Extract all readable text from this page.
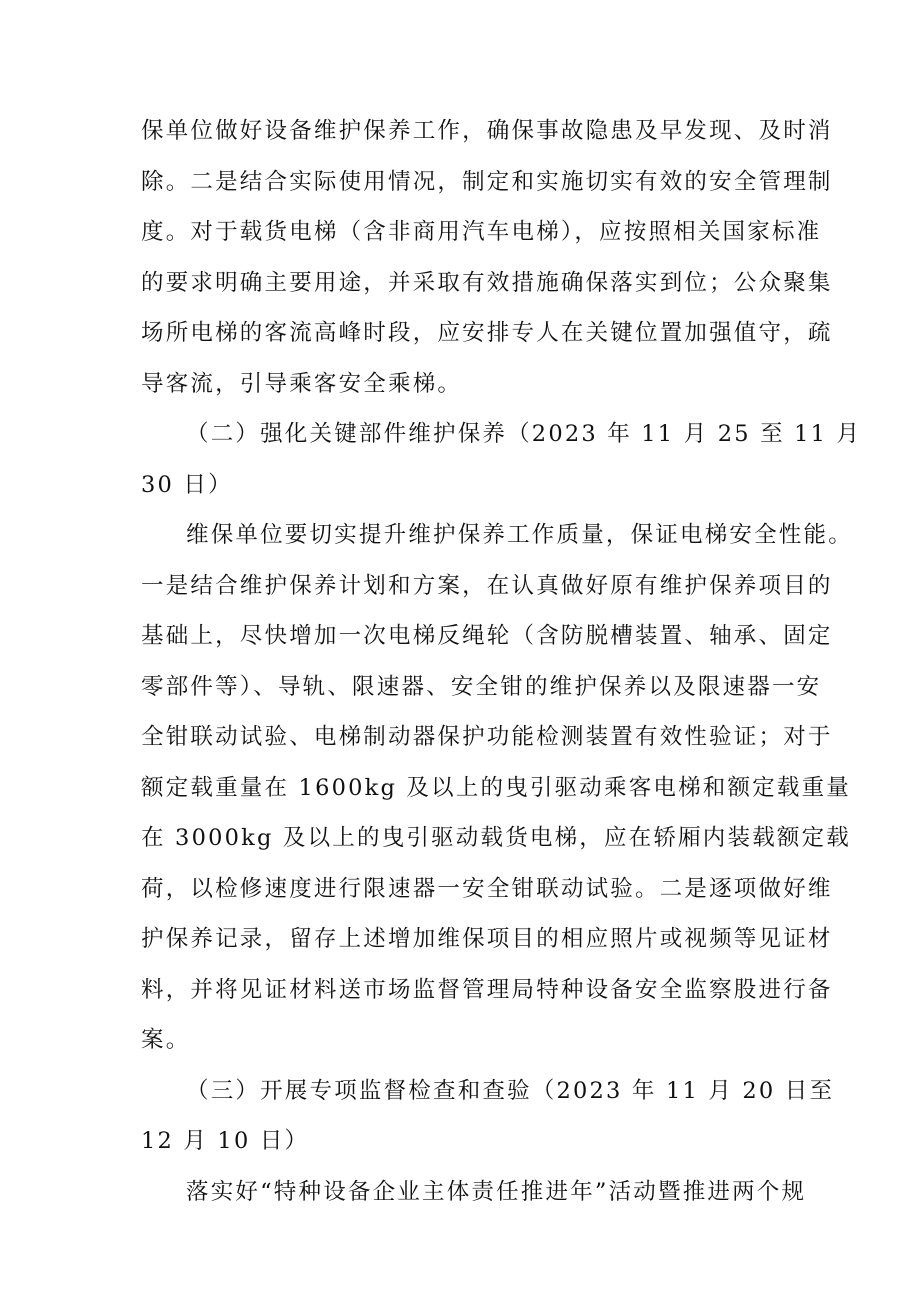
保单位做好设备维护保养工作，确保事故隐患及早发现、及时消
除。二是结合实际使用情况，制定和实施切实有效的安全管理制
度。对于载货电梯（含非商用汽车电梯），应按照相关国家标准
的要求明确主要用途，并采取有效措施确保落实到位；公众聚集
场所电梯的客流高峰时段，应安排专人在关键位置加强值守，疏
导客流，引导乘客安全乘梯。
（二）强化关键部件维护保养（2023 年 11 月 25 至 11 月
30 日）
维保单位要切实提升维护保养工作质量，保证电梯安全性能。
一是结合维护保养计划和方案，在认真做好原有维护保养项目的
基础上，尽快增加一次电梯反绳轮（含防脱槽装置、轴承、固定
零部件等）、导轨、限速器、安全钳的维护保养以及限速器一安
全钳联动试验、电梯制动器保护功能检测装置有效性验证；对于
额定载重量在 1600kg 及以上的曳引驱动乘客电梯和额定载重量
在 3000kg 及以上的曳引驱动载货电梯，应在轿厢内装载额定载
荷，以检修速度进行限速器一安全钳联动试验。二是逐项做好维
护保养记录，留存上述增加维保项目的相应照片或视频等见证材
料，并将见证材料送市场监督管理局特种设备安全监察股进行备
案。
（三）开展专项监督检查和查验（2023 年 11 月 20 日至
12 月 10 日）
落实好“特种设备企业主体责任推进年”活动暨推进两个规
